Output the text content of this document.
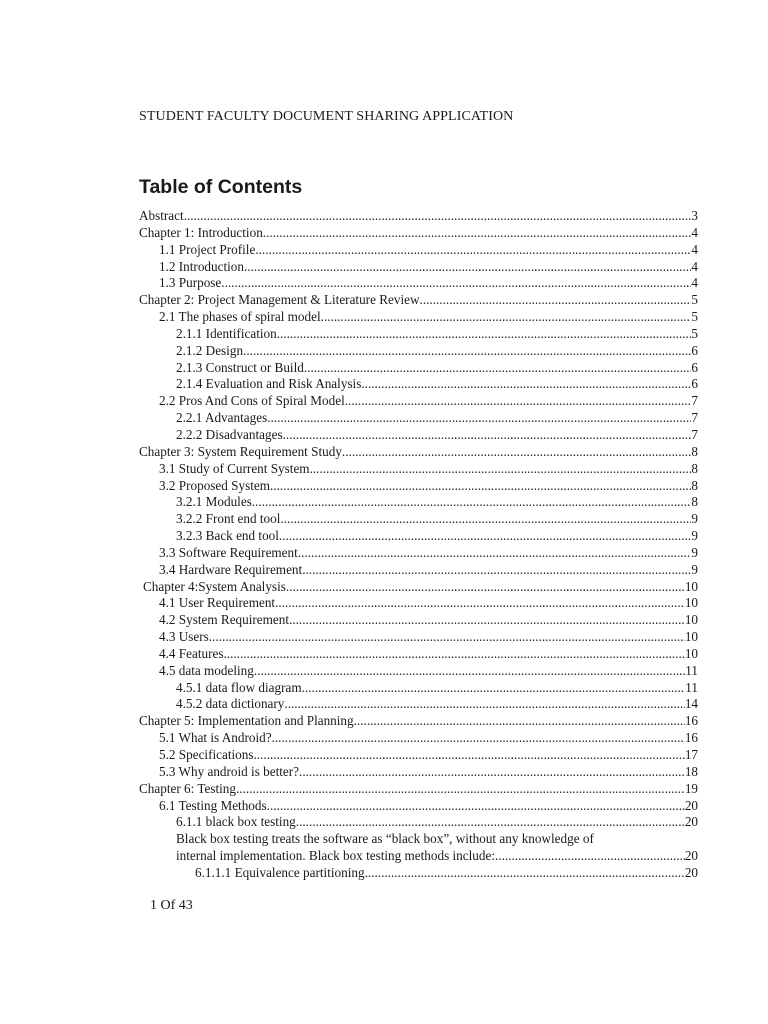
STUDENT FACULTY DOCUMENT SHARING APPLICATION
Table of Contents
Abstract .....	3
Chapter 1: Introduction .....	4
1.1 Project Profile .....	4
1.2 Introduction .....	4
1.3 Purpose .....	4
Chapter 2: Project Management & Literature Review .....	5
2.1 The phases of spiral model .....	5
2.1.1 Identification .....	5
2.1.2 Design .....	6
2.1.3 Construct or Build .....	6
2.1.4 Evaluation and Risk Analysis .....	6
2.2 Pros And Cons of Spiral Model .....	7
2.2.1 Advantages .....	7
2.2.2 Disadvantages .....	7
Chapter 3: System Requirement Study .....	8
3.1 Study of Current System .....	8
3.2 Proposed System .....	8
3.2.1 Modules .....	8
3.2.2 Front end tool .....	9
3.2.3 Back end tool .....	9
3.3 Software Requirement .....	9
3.4 Hardware Requirement .....	9
Chapter 4:System Analysis .....	10
4.1 User Requirement .....	10
4.2 System Requirement .....	10
4.3 Users .....	10
4.4 Features .....	10
4.5 data modeling .....	11
4.5.1 data flow diagram .....	11
4.5.2 data dictionary .....	14
Chapter 5: Implementation and Planning .....	16
5.1 What is Android? .....	16
5.2 Specifications .....	17
5.3 Why android is better? .....	18
Chapter 6: Testing .....	19
6.1 Testing Methods .....	20
6.1.1 black box testing .....	20
Black box testing treats the software as “black box”, without any knowledge of
internal implementation. Black box testing methods include: .....	20
6.1.1.1 Equivalence partitioning .....	20
1 Of 43
